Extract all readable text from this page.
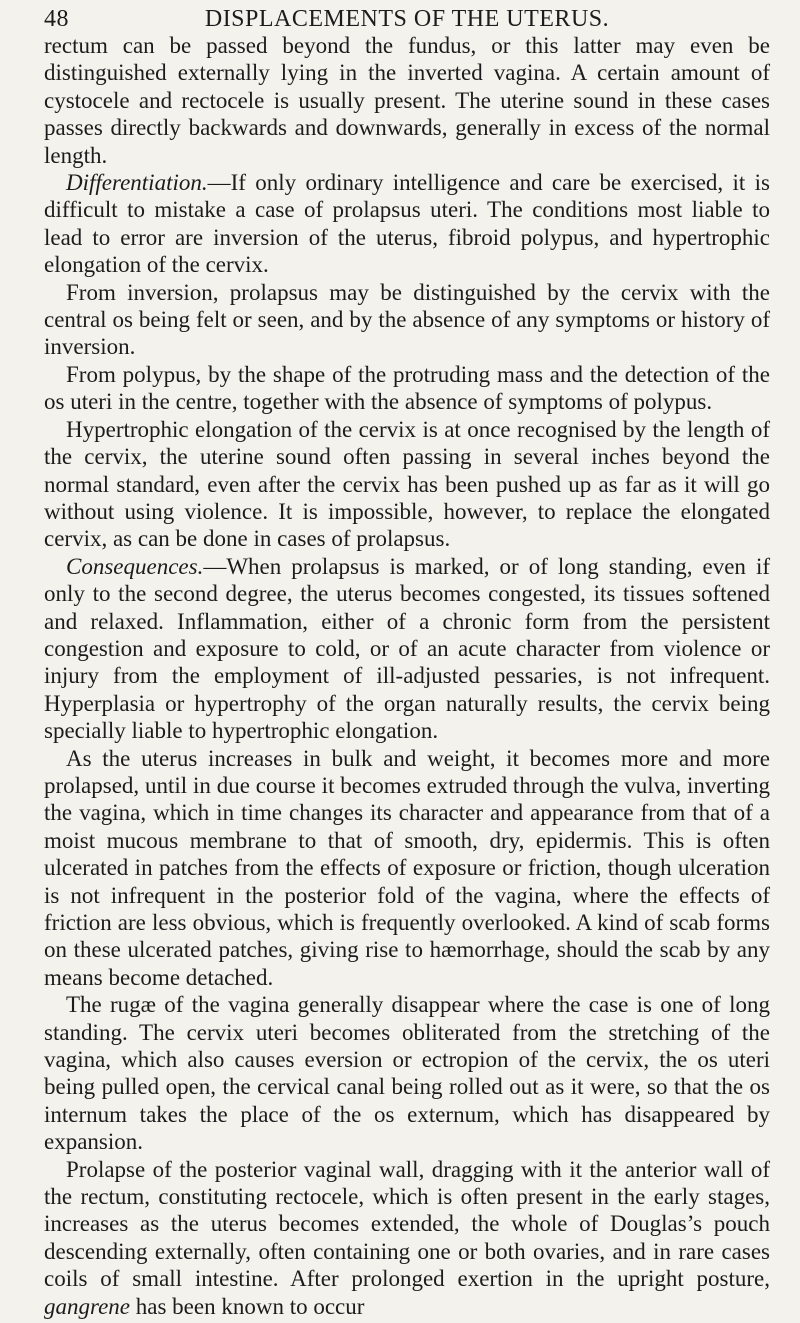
48	DISPLACEMENTS OF THE UTERUS.

rectum can be passed beyond the fundus, or this latter may even be distinguished externally lying in the inverted vagina. A certain amount of cystocele and rectocele is usually present. The uterine sound in these cases passes directly backwards and downwards, generally in excess of the normal length.

Differentiation.—If only ordinary intelligence and care be exercised, it is difficult to mistake a case of prolapsus uteri. The conditions most liable to lead to error are inversion of the uterus, fibroid polypus, and hypertrophic elongation of the cervix.

From inversion, prolapsus may be distinguished by the cervix with the central os being felt or seen, and by the absence of any symptoms or history of inversion.

From polypus, by the shape of the protruding mass and the detection of the os uteri in the centre, together with the absence of symptoms of polypus.

Hypertrophic elongation of the cervix is at once recognised by the length of the cervix, the uterine sound often passing in several inches beyond the normal standard, even after the cervix has been pushed up as far as it will go without using violence. It is impossible, however, to replace the elongated cervix, as can be done in cases of prolapsus.

Consequences.—When prolapsus is marked, or of long standing, even if only to the second degree, the uterus becomes congested, its tissues softened and relaxed. Inflammation, either of a chronic form from the persistent congestion and exposure to cold, or of an acute character from violence or injury from the employment of ill-adjusted pessaries, is not infrequent. Hyperplasia or hypertrophy of the organ naturally results, the cervix being specially liable to hypertrophic elongation.

As the uterus increases in bulk and weight, it becomes more and more prolapsed, until in due course it becomes extruded through the vulva, inverting the vagina, which in time changes its character and appearance from that of a moist mucous membrane to that of smooth, dry, epidermis. This is often ulcerated in patches from the effects of exposure or friction, though ulceration is not infrequent in the posterior fold of the vagina, where the effects of friction are less obvious, which is frequently overlooked. A kind of scab forms on these ulcerated patches, giving rise to hæmorrhage, should the scab by any means become detached.

The rugæ of the vagina generally disappear where the case is one of long standing. The cervix uteri becomes obliterated from the stretching of the vagina, which also causes eversion or ectropion of the cervix, the os uteri being pulled open, the cervical canal being rolled out as it were, so that the os internum takes the place of the os externum, which has disappeared by expansion.

Prolapse of the posterior vaginal wall, dragging with it the anterior wall of the rectum, constituting rectocele, which is often present in the early stages, increases as the uterus becomes extended, the whole of Douglas’s pouch descending externally, often containing one or both ovaries, and in rare cases coils of small intestine. After prolonged exertion in the upright posture, gangrene has been known to occur
